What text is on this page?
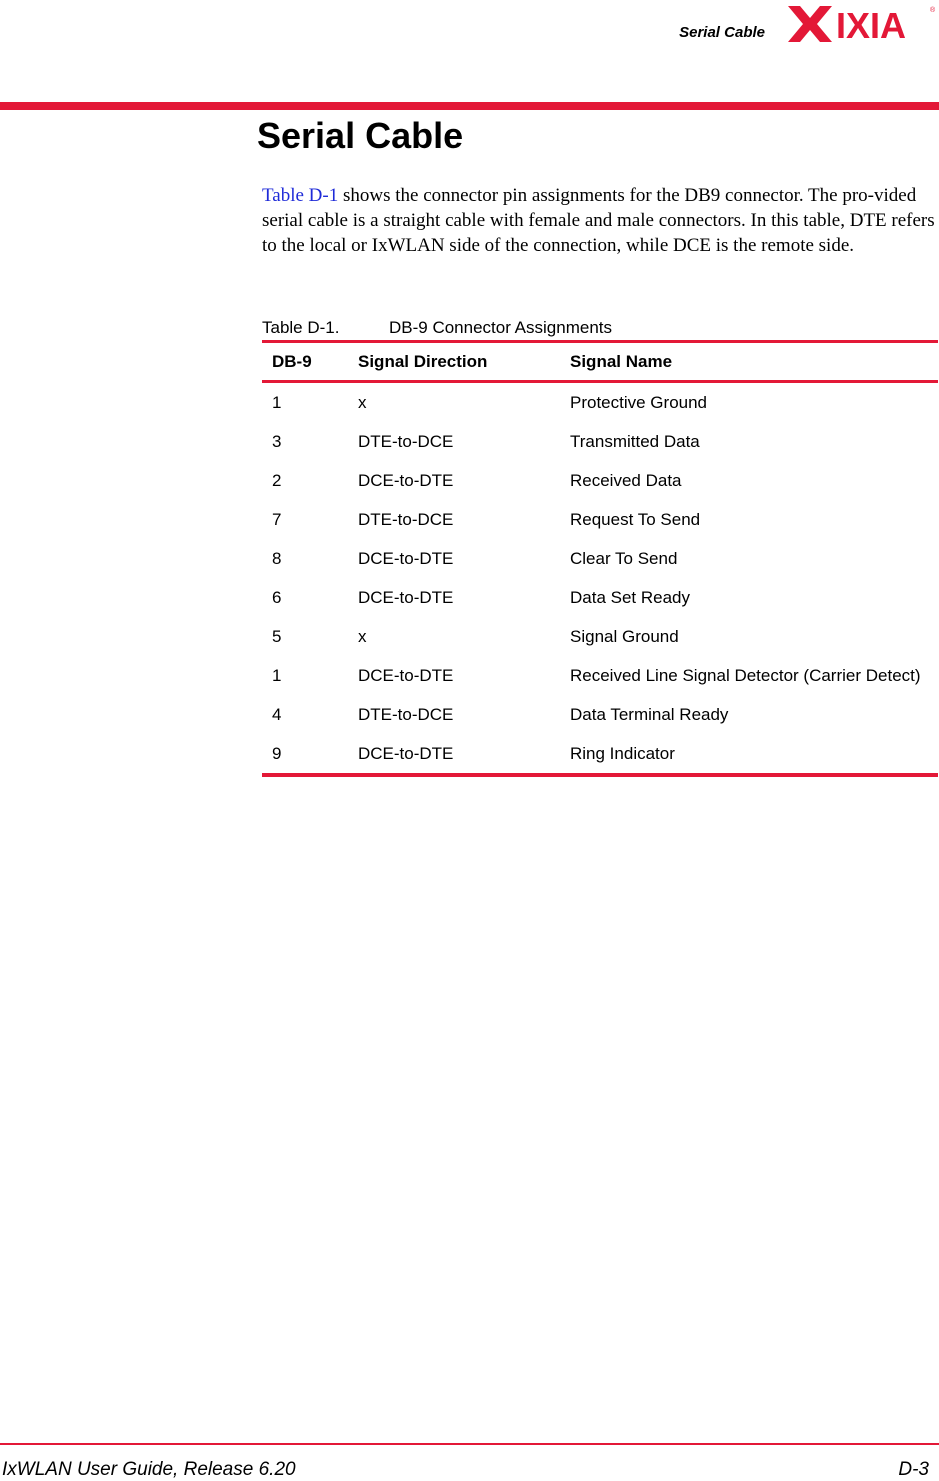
Serial Cable IXIA	®
Serial Cable

Table D-1 shows the connector pin assignments for the DB9 connector. The pro-vided serial cable is a straight cable with female and male connectors. In this table, DTE refers to the local or IxWLAN side of the connection, while DCE is the remote side.

Table D-1.	DB-9 Connector Assignments
DB-9	Signal Direction	Signal Name
1	x	Protective Ground
3	DTE-to-DCE	Transmitted Data
2	DCE-to-DTE	Received Data
7	DTE-to-DCE	Request To Send
8	DCE-to-DTE	Clear To Send
6	DCE-to-DTE	Data Set Ready
5	x	Signal Ground
1	DCE-to-DTE	Received Line Signal Detector (Carrier Detect)
4	DTE-to-DCE	Data Terminal Ready
9	DCE-to-DTE	Ring Indicator
IxWLAN User Guide, Release 6.20	D-3
